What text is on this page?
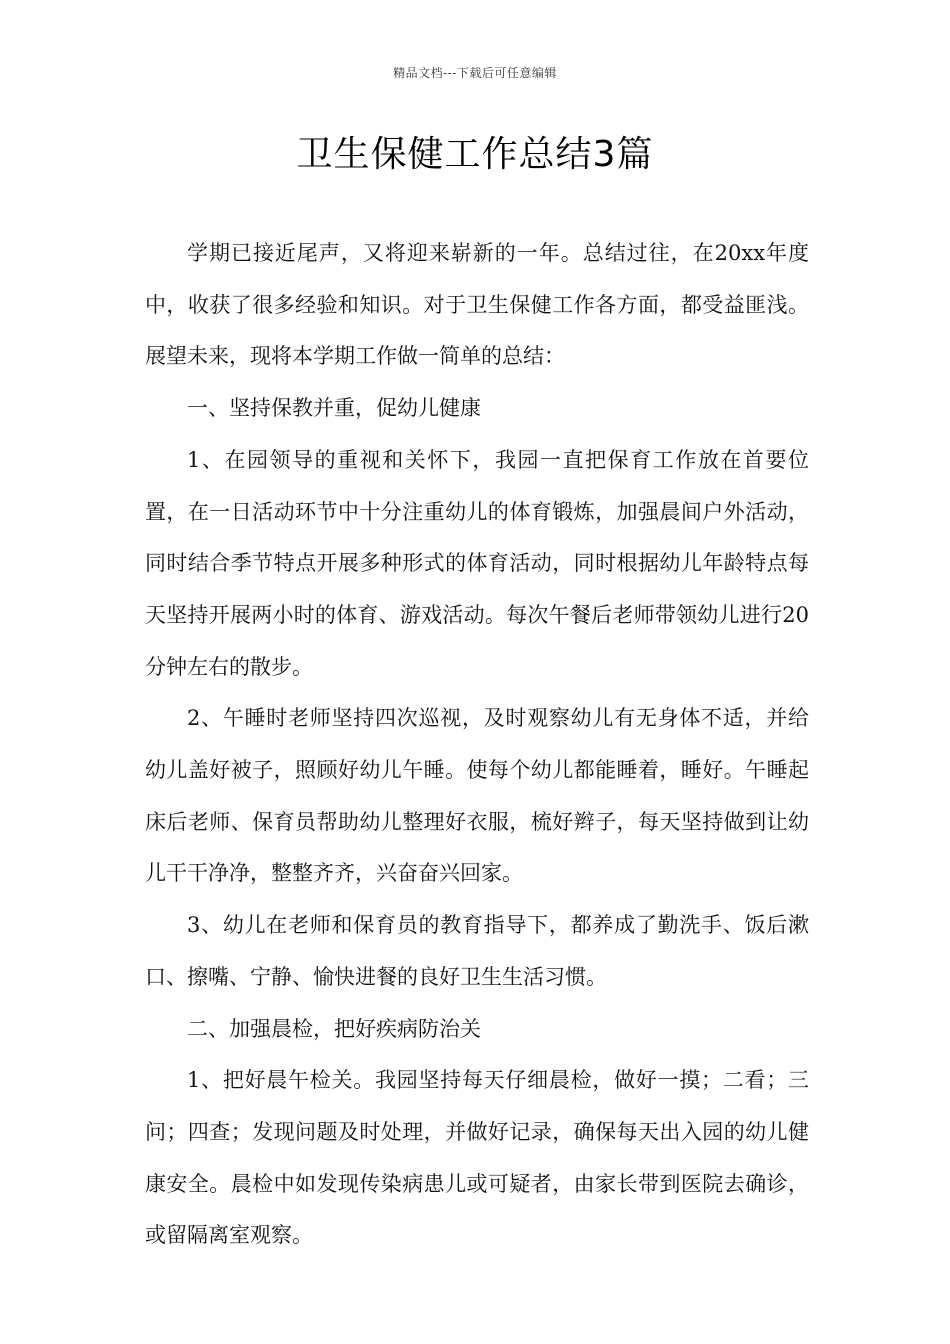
精品文档---下载后可任意编辑
卫生保健工作总结3篇

学期已接近尾声，又将迎来崭新的一年。总结过往，在20xx年度中，收获了很多经验和知识。对于卫生保健工作各方面，都受益匪浅。展望未来，现将本学期工作做一简单的总结：

一、坚持保教并重，促幼儿健康

1、在园领导的重视和关怀下，我园一直把保育工作放在首要位置，在一日活动环节中十分注重幼儿的体育锻炼，加强晨间户外活动，同时结合季节特点开展多种形式的体育活动，同时根据幼儿年龄特点每天坚持开展两小时的体育、游戏活动。每次午餐后老师带领幼儿进行20分钟左右的散步。

2、午睡时老师坚持四次巡视，及时观察幼儿有无身体不适，并给幼儿盖好被子，照顾好幼儿午睡。使每个幼儿都能睡着，睡好。午睡起床后老师、保育员帮助幼儿整理好衣服，梳好辫子，每天坚持做到让幼儿干干净净，整整齐齐，兴奋奋兴回家。

3、幼儿在老师和保育员的教育指导下，都养成了勤洗手、饭后漱口、擦嘴、宁静、愉快进餐的良好卫生生活习惯。

二、加强晨检，把好疾病防治关

1、把好晨午检关。我园坚持每天仔细晨检，做好一摸；二看；三问；四查；发现问题及时处理，并做好记录，确保每天出入园的幼儿健康安全。晨检中如发现传染病患儿或可疑者，由家长带到医院去确诊，或留隔离室观察。
